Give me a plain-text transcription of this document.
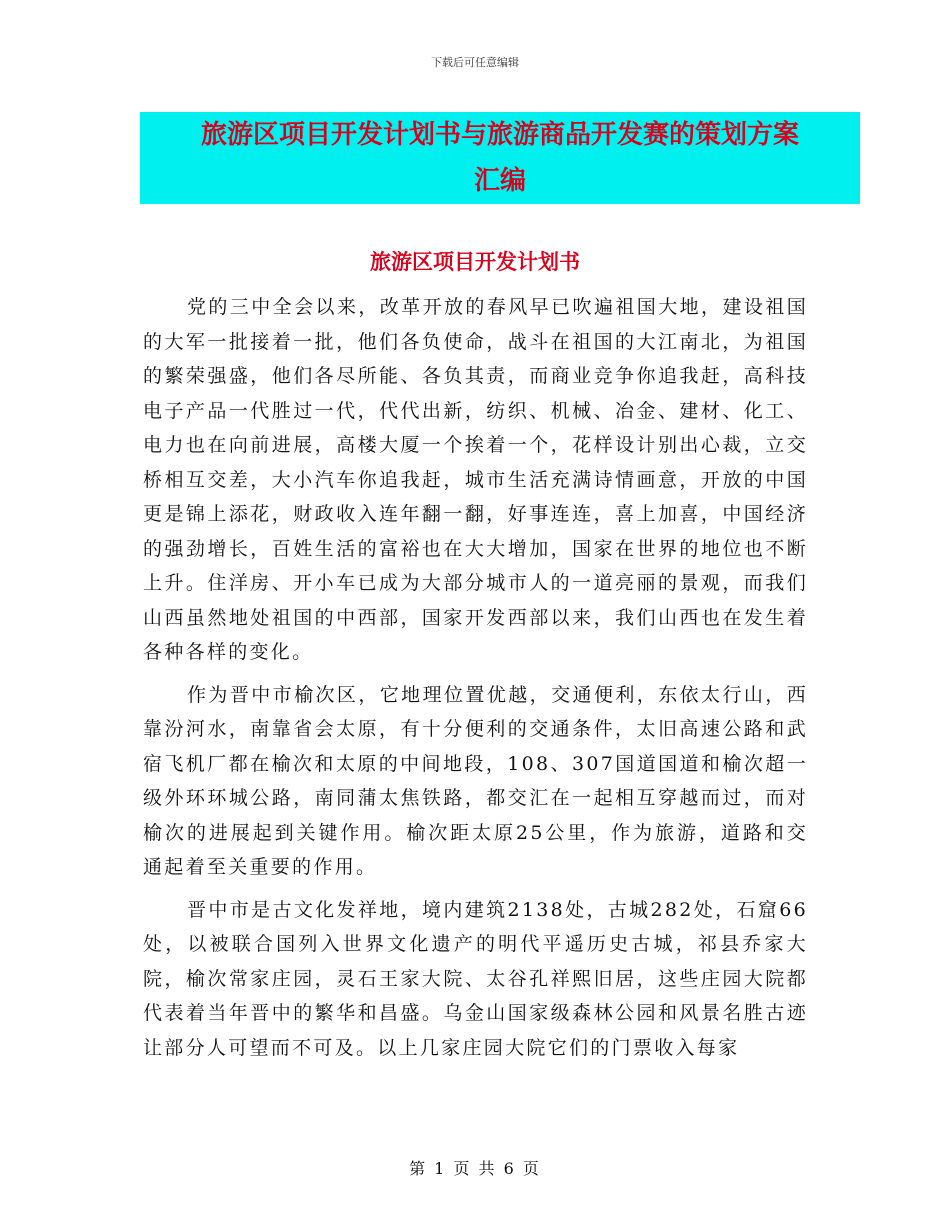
下载后可任意编辑
旅游区项目开发计划书与旅游商品开发赛的策划方案
汇编
旅游区项目开发计划书

党的三中全会以来，改革开放的春风早已吹遍祖国大地，建设祖国的大军一批接着一批，他们各负使命，战斗在祖国的大江南北，为祖国的繁荣强盛，他们各尽所能、各负其责，而商业竞争你追我赶，高科技电子产品一代胜过一代，代代出新，纺织、机械、冶金、建材、化工、电力也在向前进展，高楼大厦一个挨着一个，花样设计别出心裁，立交桥相互交差，大小汽车你追我赶，城市生活充满诗情画意，开放的中国更是锦上添花，财政收入连年翻一翻，好事连连，喜上加喜，中国经济的强劲增长，百姓生活的富裕也在大大增加，国家在世界的地位也不断上升。住洋房、开小车已成为大部分城市人的一道亮丽的景观，而我们山西虽然地处祖国的中西部，国家开发西部以来，我们山西也在发生着各种各样的变化。

作为晋中市榆次区，它地理位置优越，交通便利，东依太行山，西靠汾河水，南靠省会太原，有十分便利的交通条件，太旧高速公路和武宿飞机厂都在榆次和太原的中间地段，108、307国道国道和榆次超一级外环环城公路，南同蒲太焦铁路，都交汇在一起相互穿越而过，而对榆次的进展起到关键作用。榆次距太原25公里，作为旅游，道路和交通起着至关重要的作用。

晋中市是古文化发祥地，境内建筑2138处，古城282处，石窟66处，以被联合国列入世界文化遗产的明代平遥历史古城，祁县乔家大院，榆次常家庄园，灵石王家大院、太谷孔祥熙旧居，这些庄园大院都代表着当年晋中的繁华和昌盛。乌金山国家级森林公园和风景名胜古迹让部分人可望而不可及。以上几家庄园大院它们的门票收入每家

第 1 页 共 6 页
